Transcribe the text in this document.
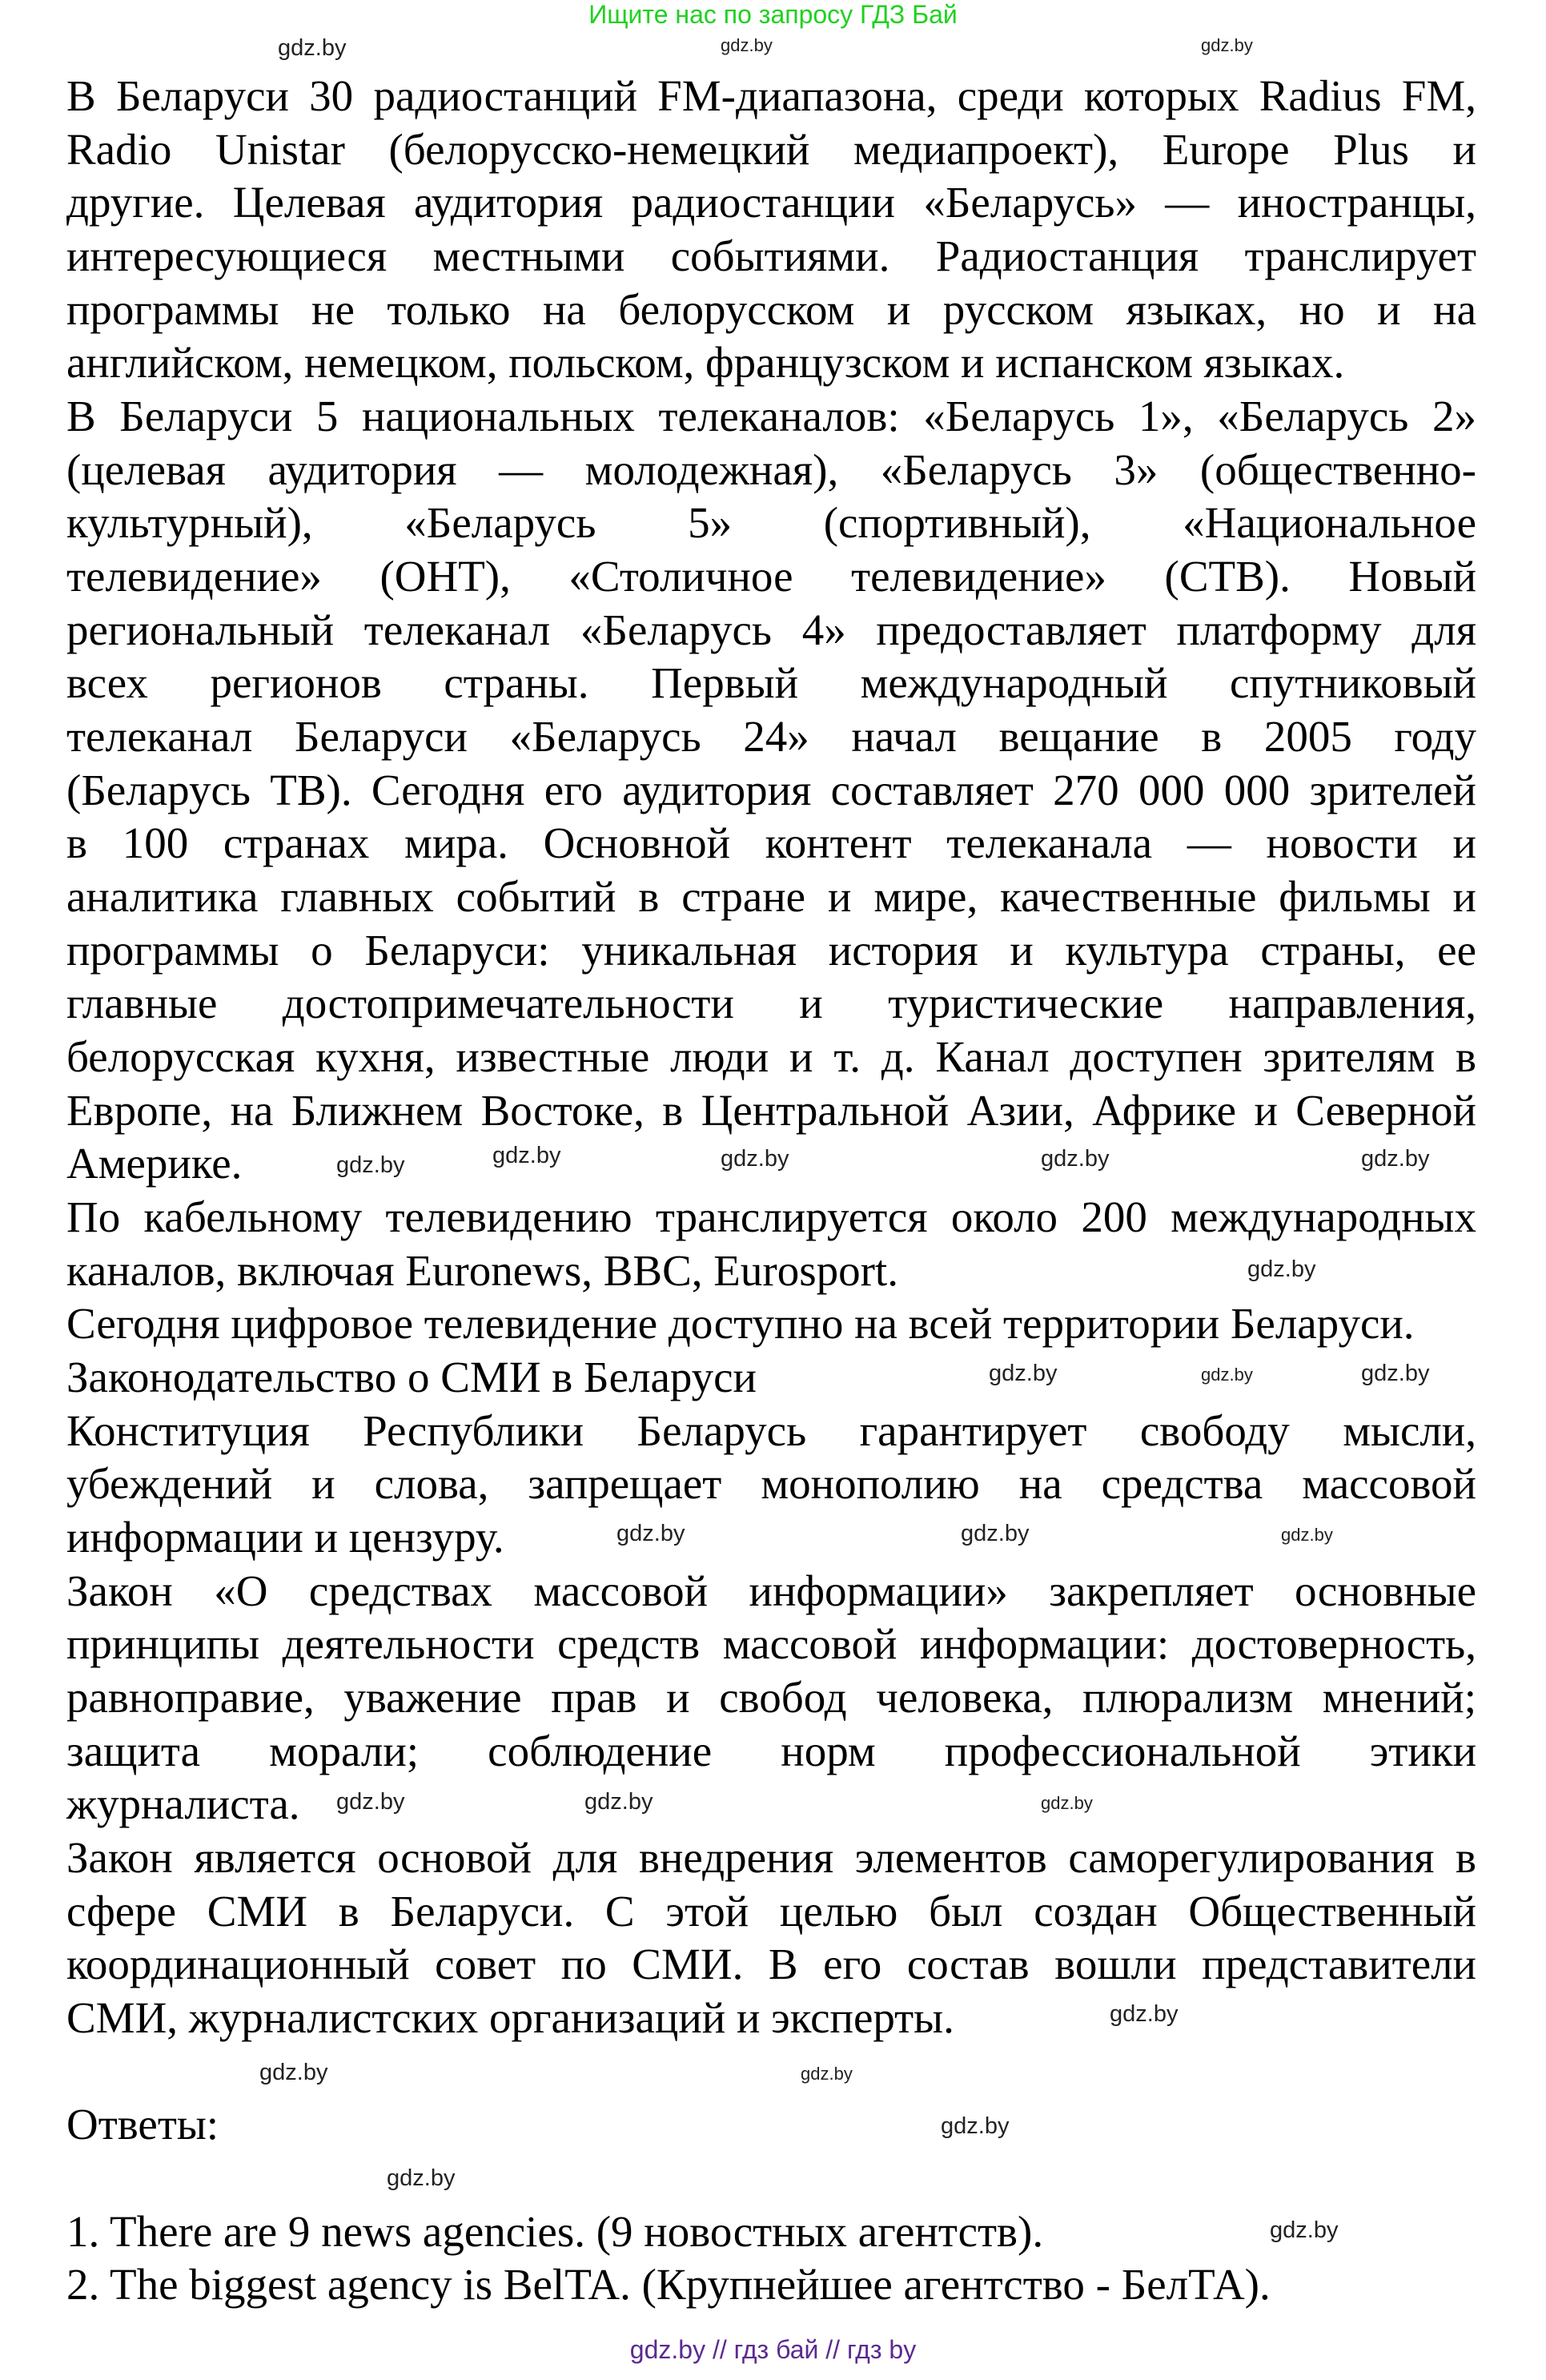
Ищите нас по запросу ГДЗ Бай
В Беларуси 30 радиостанций FM-диапазона, среди которых Radius FM,
Radio Unistar (белорусско-немецкий медиапроект), Europe Plus и
другие. Целевая аудитория радиостанции «Беларусь» — иностранцы,
интересующиеся местными событиями. Радиостанция транслирует
программы не только на белорусском и русском языках, но и на
английском, немецком, польском, французском и испанском языках.
В Беларуси 5 национальных телеканалов: «Беларусь 1», «Беларусь 2»
(целевая аудитория — молодежная), «Беларусь 3» (общественно-
культурный), «Беларусь 5» (спортивный), «Национальное
телевидение» (ОНТ), «Столичное телевидение» (СТВ). Новый
региональный телеканал «Беларусь 4» предоставляет платформу для
всех регионов страны. Первый международный спутниковый
телеканал Беларуси «Беларусь 24» начал вещание в 2005 году
(Беларусь ТВ). Сегодня его аудитория составляет 270 000 000 зрителей
в 100 странах мира. Основной контент телеканала — новости и
аналитика главных событий в стране и мире, качественные фильмы и
программы о Беларуси: уникальная история и культура страны, ее
главные достопримечательности и туристические направления,
белорусская кухня, известные люди и т. д. Канал доступен зрителям в
Европе, на Ближнем Востоке, в Центральной Азии, Африке и Северной
Америке.
По кабельному телевидению транслируется около 200 международных
каналов, включая Euronews, BBC, Eurosport.
Сегодня цифровое телевидение доступно на всей территории Беларуси.
Законодательство о СМИ в Беларуси
Конституция Республики Беларусь гарантирует свободу мысли,
убеждений и слова, запрещает монополию на средства массовой
информации и цензуру.
Закон «О средствах массовой информации» закрепляет основные
принципы деятельности средств массовой информации: достоверность,
равноправие, уважение прав и свобод человека, плюрализм мнений;
защита морали; соблюдение норм профессиональной этики
журналиста.
Закон является основой для внедрения элементов саморегулирования в
сфере СМИ в Беларуси. С этой целью был создан Общественный
координационный совет по СМИ. В его состав вошли представители
СМИ, журналистских организаций и эксперты.
Ответы:
1. There are 9 news agencies. (9 новостных агентств).
2. The biggest agency is BelTA. (Крупнейшее агентство - БелТА).
gdz.by	gdz.by	gdz.by
gdz.by	gdz.by	gdz.by	gdz.by	gdz.by
gdz.by
gdz.by	gdz.by	gdz.by
gdz.by	gdz.by	gdz.by
gdz.by	gdz.by	gdz.by
gdz.by
gdz.by	gdz.by
gdz.by
gdz.by
gdz.by
gdz.by // гдз бай // гдз by
